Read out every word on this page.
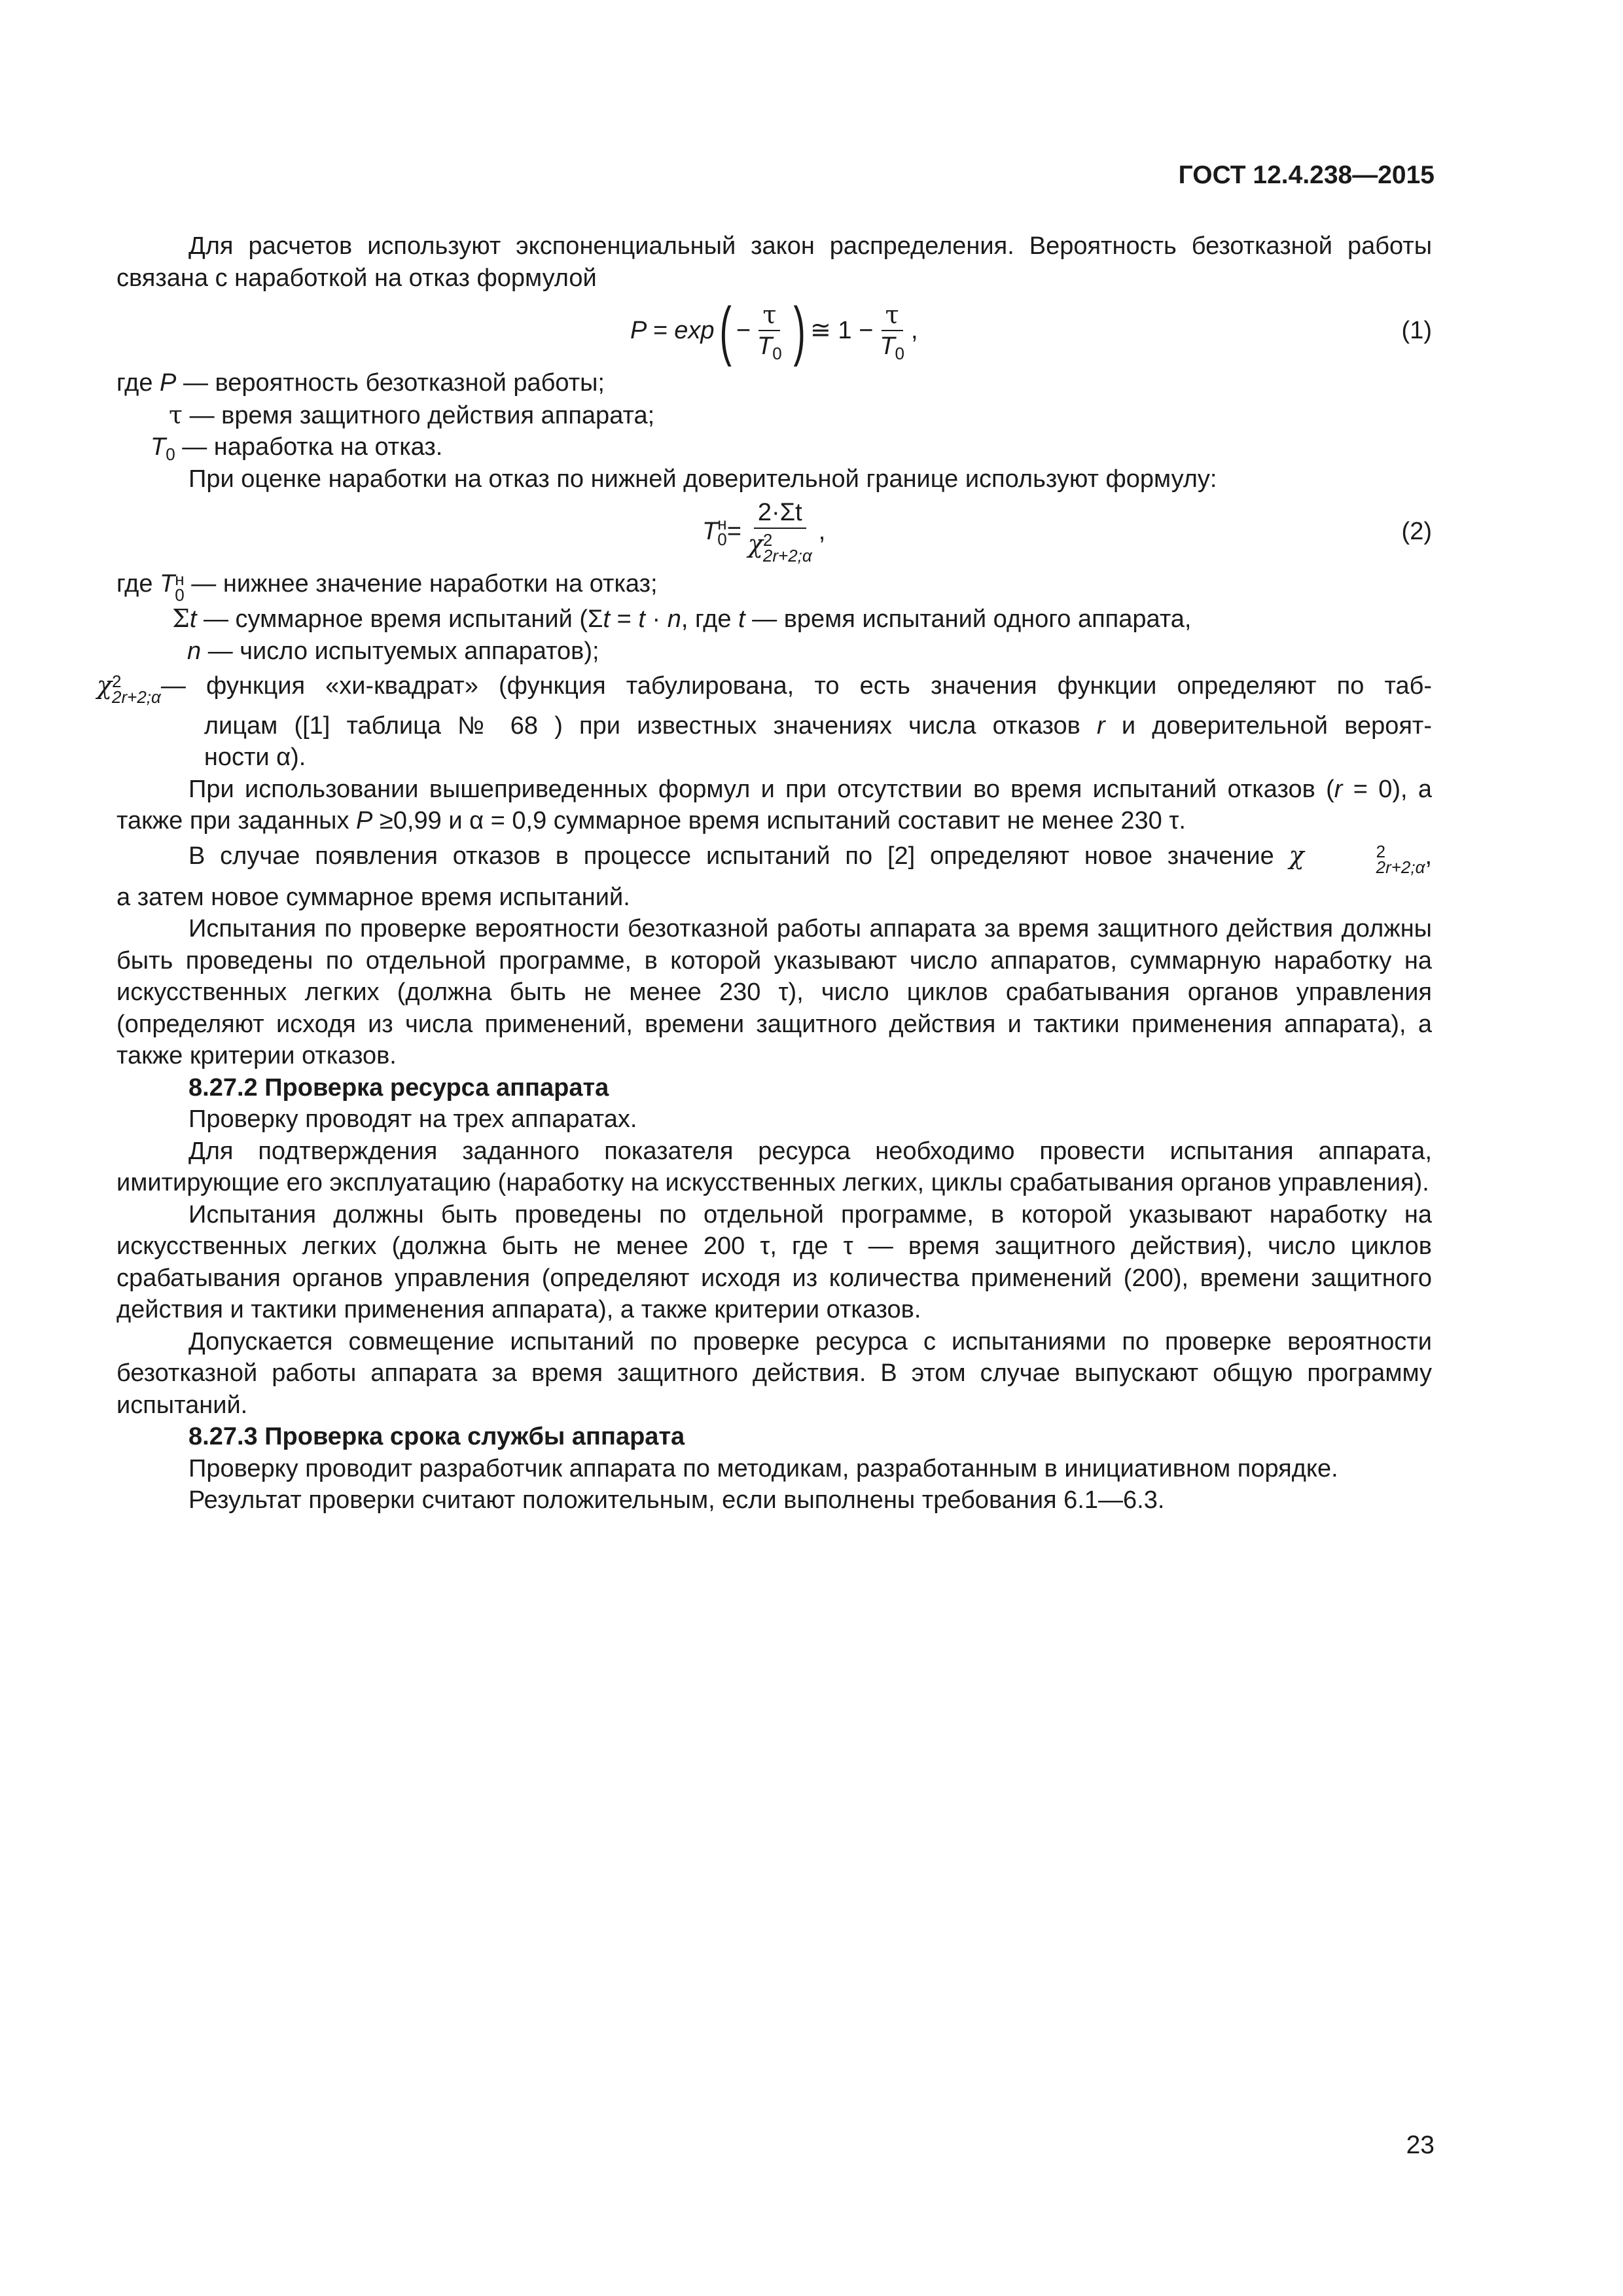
ГОСТ 12.4.238—2015

Для расчетов используют экспоненциальный закон распределения. Вероятность безотказной работы связана с наработкой на отказ формулой

P = exp ( − $\frac{\tau}{T_0}$ ) ≅ $1 - \frac{\tau}{T_0}$ ,	(1)

где P — вероятность безотказной работы;

τ — время защитного действия аппарата;

$T_0$ — наработка на отказ.

При оценке наработки на отказ по нижней доверительной границе используют формулу:

T н
0 = 2·Σt
χ 2
2r+2;α ,	(2)

где T н
0 — нижнее значение наработки на отказ;

Σt — суммарное время испытаний (Σt = t · n, где t — время испытаний одного аппарата,

n — число испытуемых аппаратов);

χ 2
2r+2;α — функция «хи-квадрат» (функция табулирована, то есть значения функции определяют по таб-

лицам ([1] таблица № 68 ) при известных значениях числа отказов r и доверительной вероят-

ности α).

При использовании вышеприведенных формул и при отсутствии во время испытаний отказов (r = 0), а также при заданных P ≥0,99 и α = 0,9 суммарное время испытаний составит не менее 230 τ.

В случае появления отказов в процессе испытаний по [2] определяют новое значение χ	2
2r+2;α ,

а затем новое суммарное время испытаний.

Испытания по проверке вероятности безотказной работы аппарата за время защитного действия должны быть проведены по отдельной программе, в которой указывают число аппаратов, суммарную наработку на искусственных легких (должна быть не менее 230 τ), число циклов срабатывания органов управления (определяют исходя из числа применений, времени защитного действия и тактики применения аппарата), а также критерии отказов.

8.27.2 Проверка ресурса аппарата

Проверку проводят на трех аппаратах.

Для подтверждения заданного показателя ресурса необходимо провести испытания аппарата, имитирующие его эксплуатацию (наработку на искусственных легких, циклы срабатывания органов управления).

Испытания должны быть проведены по отдельной программе, в которой указывают наработку на искусственных легких (должна быть не менее 200 τ, где τ — время защитного действия), число циклов срабатывания органов управления (определяют исходя из количества применений (200), времени защитного действия и тактики применения аппарата), а также критерии отказов.

Допускается совмещение испытаний по проверке ресурса с испытаниями по проверке вероятности безотказной работы аппарата за время защитного действия. В этом случае выпускают общую программу испытаний.

8.27.3 Проверка срока службы аппарата

Проверку проводит разработчик аппарата по методикам, разработанным в инициативном порядке.

Результат проверки считают положительным, если выполнены требования 6.1—6.3.

23
